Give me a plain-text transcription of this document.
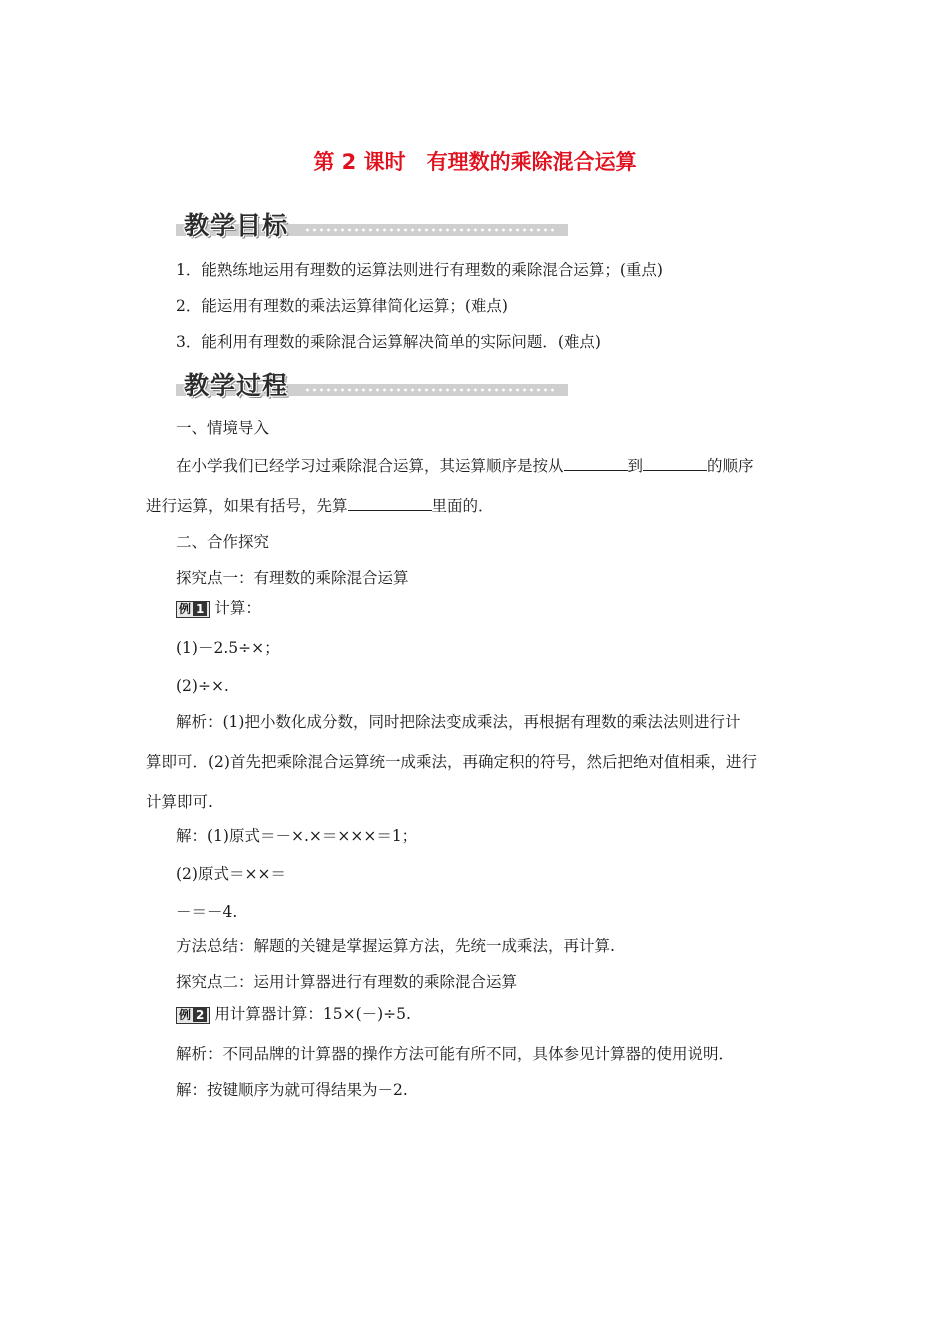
第 2 课时　有理数的乘除混合运算
教学目标
1．能熟练地运用有理数的运算法则进行有理数的乘除混合运算；(重点)
2．能运用有理数的乘法运算律简化运算；(难点)
3．能利用有理数的乘除混合运算解决简单的实际问题．(难点)
教学过程
一、情境导入
在小学我们已经学习过乘除混合运算，其运算顺序是按从	到	的顺序
进行运算，如果有括号，先算	里面的．
二、合作探究
探究点一：有理数的乘除混合运算
例 1 计算：
(1)－2.5÷×；
(2)÷×.
解析：(1)把小数化成分数，同时把除法变成乘法，再根据有理数的乘法法则进行计
算即可．(2)首先把乘除混合运算统一成乘法，再确定积的符号，然后把绝对值相乘，进行
计算即可.
解：(1)原式＝－×.×＝×××＝1；
(2)原式＝××＝
－＝－4.
方法总结：解题的关键是掌握运算方法，先统一成乘法，再计算.
探究点二：运用计算器进行有理数的乘除混合运算
例 2 用计算器计算：15×(－)÷5.
解析：不同品牌的计算器的操作方法可能有所不同，具体参见计算器的使用说明．
解：按键顺序为就可得结果为－2.
